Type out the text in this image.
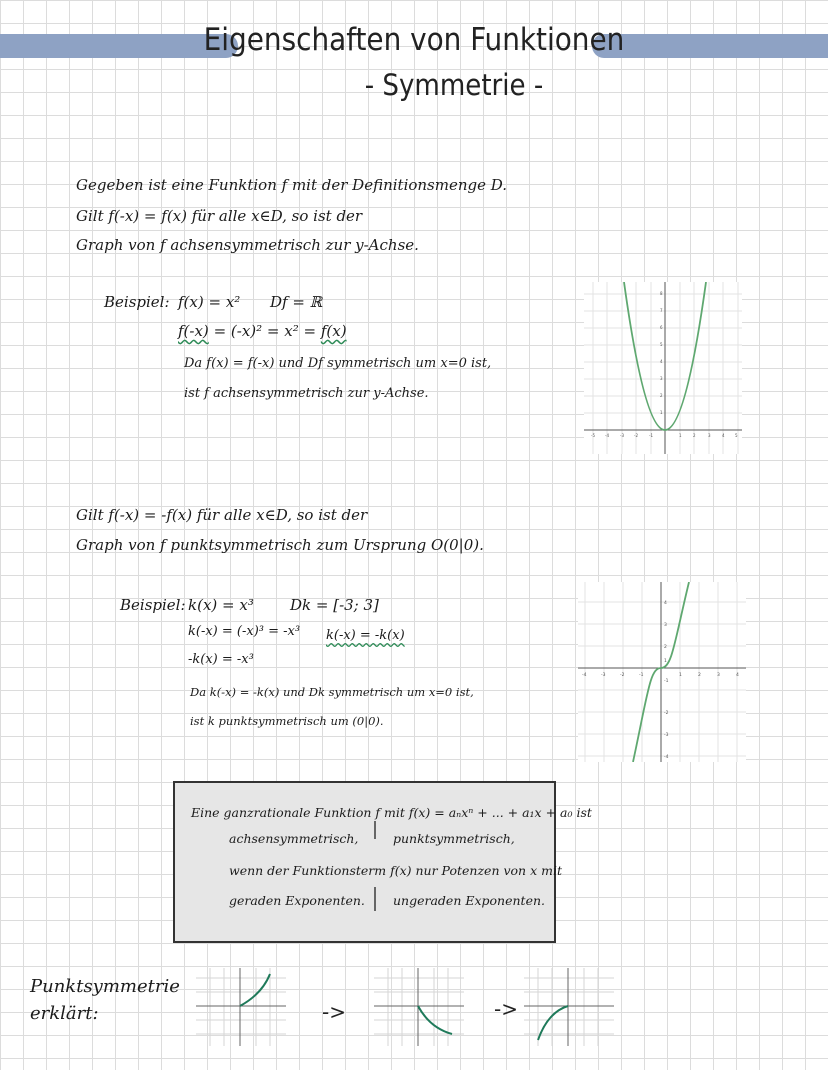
Eigenschaften von Funktionen
- Symmetrie -
Gegeben ist eine Funktion f mit der Definitionsmenge D.
Gilt f(-x) = f(x) für alle x∈D, so ist der
Graph von f achsensymmetrisch zur y-Achse.
Beispiel: f(x) = x² Df = ℝ
f(-x) = (-x)² = x² = f(x)
Da f(x) = f(-x) und Df symmetrisch um x=0 ist,
ist f achsensymmetrisch zur y-Achse.
-5	-4	-3	-2	-1	1	2	3	4	5
1
2
3
4
5
6
7
8
Gilt f(-x) = -f(x) für alle x∈D, so ist der
Graph von f punktsymmetrisch zum Ursprung O(0|0).
Beispiel: k(x) = x³ Dk = [-3; 3]
k(-x) = (-x)³ = -x³ k(-x) = -k(x)
-k(x) = -x³
Da k(-x) = -k(x) und Dk symmetrisch um x=0 ist,
ist k punktsymmetrisch um (0|0).
-4	-3	-2	-1	1	2	3	4
4
3
2
1
-1
-2
-3
-4
Eine ganzrationale Funktion f mit f(x) = aₙxⁿ + ... + a₁x + a₀ ist
achsensymmetrisch,	punktsymmetrisch,
wenn der Funktionsterm f(x) nur Potenzen von x mit
geraden Exponenten. ungeraden Exponenten.
Punktsymmetrie
erklärt:	->	->
